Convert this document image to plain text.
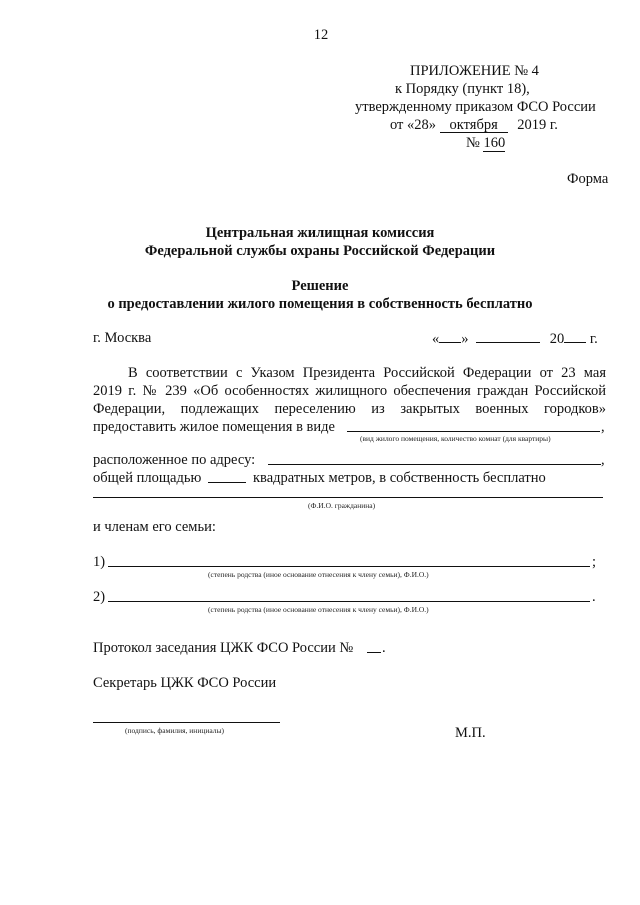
12
ПРИЛОЖЕНИЕ № 4
к Порядку (пункт 18),
утвержденному приказом ФСО России
от «28» октября 2019 г.
№ 160
Форма
Центральная жилищная комиссия
Федеральной службы охраны Российской Федерации
Решение
о предоставлении жилого помещения в собственность бесплатно
г. Москва	« »	20 г.
В соответствии с Указом Президента Российской Федерации от 23 мая
2019 г. № 239 «Об особенностях жилищного обеспечения граждан Российской
Федерации, подлежащих переселению из закрытых военных городков»
предоставить жилое помещения в виде	,
(вид жилого помещения, количество комнат (для квартиры)
расположенное по адресу:	,
общей площадью	квадратных метров, в собственность бесплатно
(Ф.И.О. гражданина)
и членам его семьи:
1)	;
(степень родства (иное основание отнесения к члену семьи), Ф.И.О.)
2)	.
(степень родства (иное основание отнесения к члену семьи), Ф.И.О.)
Протокол заседания ЦЖК ФСО России № .
Секретарь ЦЖК ФСО России
(подпись, фамилия, инициалы)	М.П.
